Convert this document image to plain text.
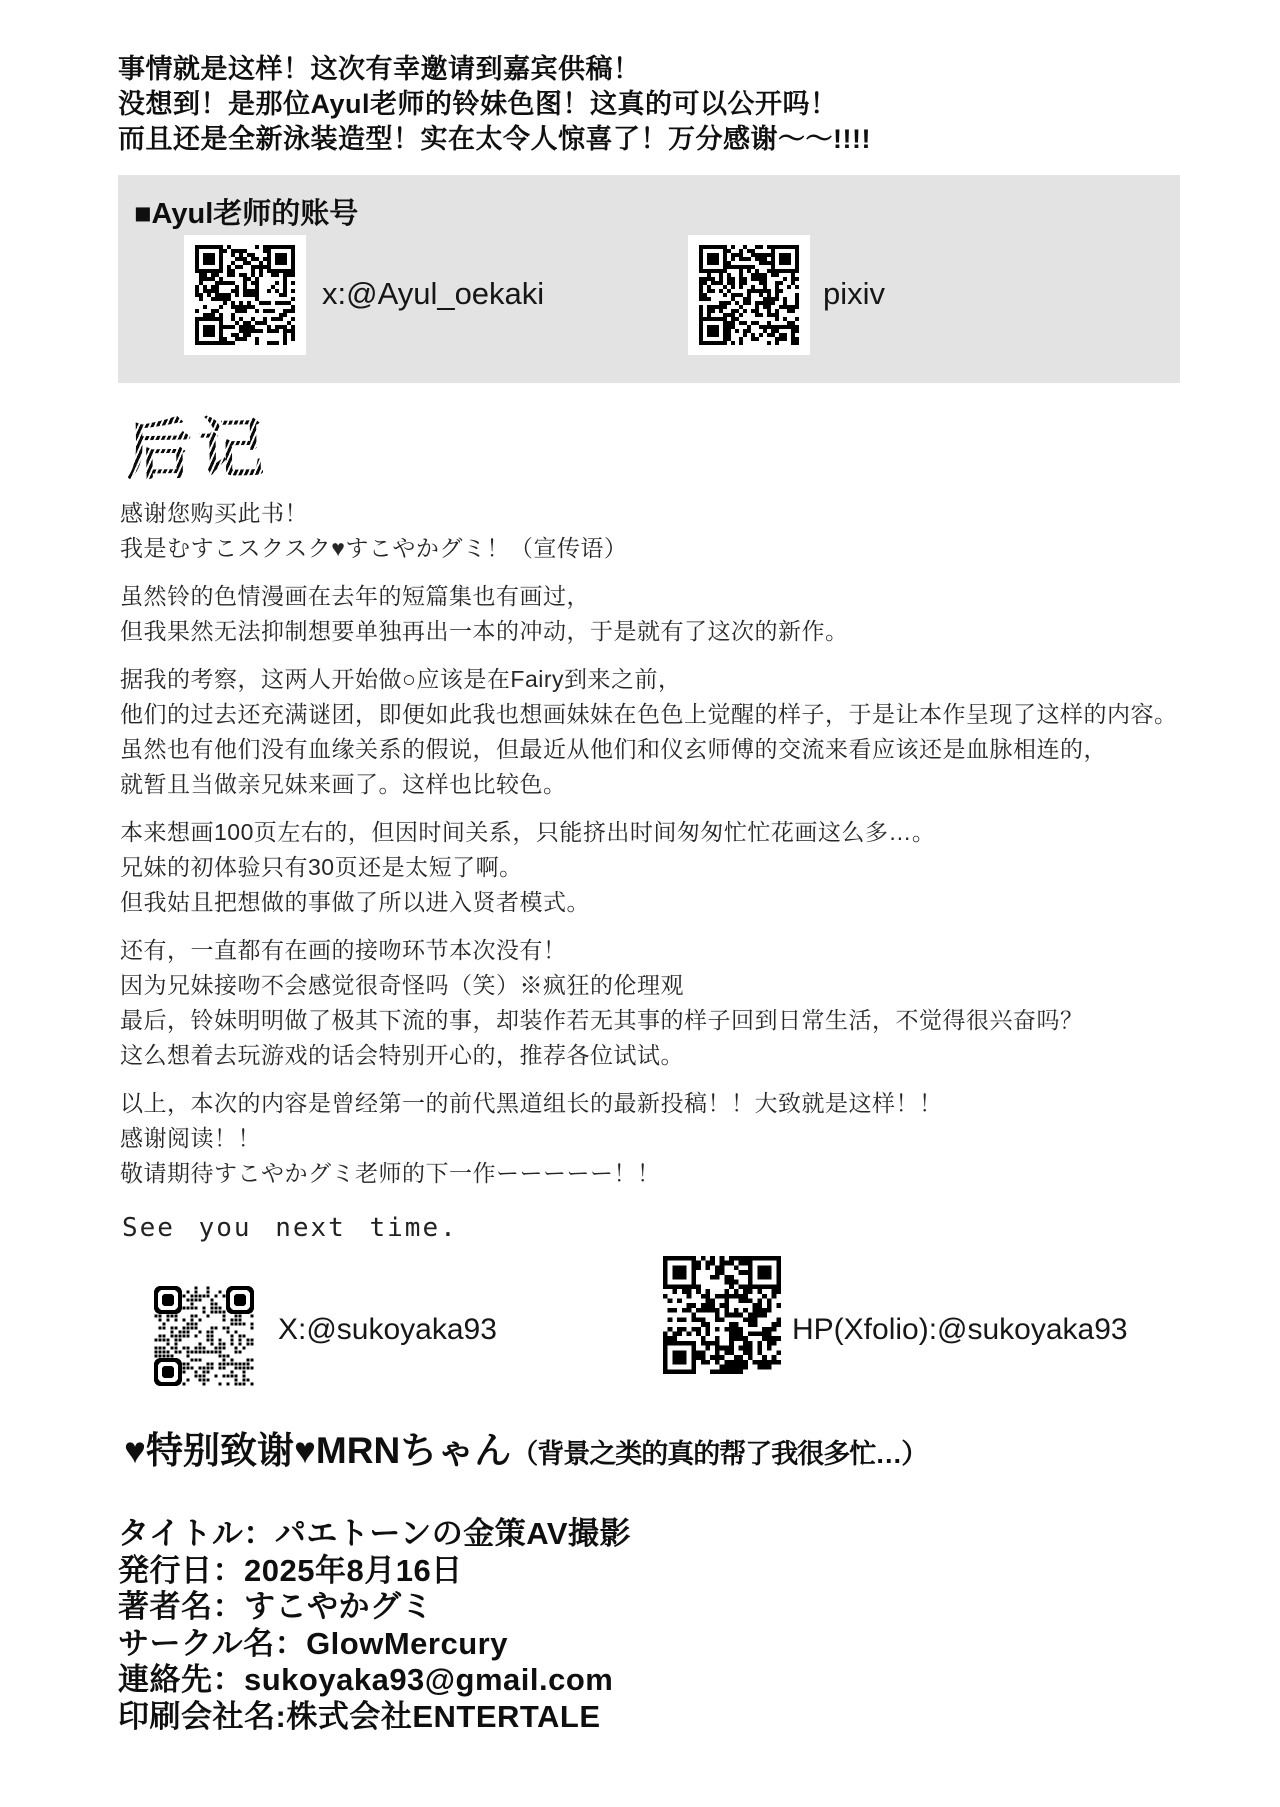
事情就是这样！这次有幸邀请到嘉宾供稿！
没想到！是那位Ayul老师的铃妹色图！这真的可以公开吗！
而且还是全新泳装造型！实在太令人惊喜了！万分感谢〜〜!!!!
■Ayul老师的账号
x:@Ayul_oekaki	pixiv
后记
感谢您购买此书！
我是むすこスクスク♥すこやかグミ！（宣传语）
虽然铃的色情漫画在去年的短篇集也有画过，
但我果然无法抑制想要单独再出一本的冲动，于是就有了这次的新作。
据我的考察，这两人开始做○应该是在Fairy到来之前，
他们的过去还充满谜团，即便如此我也想画妹妹在色色上觉醒的样子，于是让本作呈现了这样的内容。
虽然也有他们没有血缘关系的假说，但最近从他们和仪玄师傅的交流来看应该还是血脉相连的，
就暂且当做亲兄妹来画了。这样也比较色。
本来想画100页左右的，但因时间关系，只能挤出时间匆匆忙忙花画这么多…。
兄妹的初体验只有30页还是太短了啊。
但我姑且把想做的事做了所以进入贤者模式。
还有，一直都有在画的接吻环节本次没有！
因为兄妹接吻不会感觉很奇怪吗（笑）※疯狂的伦理观
最后，铃妹明明做了极其下流的事，却装作若无其事的样子回到日常生活，不觉得很兴奋吗？
这么想着去玩游戏的话会特别开心的，推荐各位试试。
以上，本次的内容是曾经第一的前代黑道组长的最新投稿！！大致就是这样！！
感谢阅读！！
敬请期待すこやかグミ老师的下一作ーーーーー！！
See you next time.
X:@sukoyaka93	HP(Xfolio):@sukoyaka93
♥特别致谢♥MRNちゃん（背景之类的真的帮了我很多忙…）
タイトル：パエトーンの金策AV撮影
発行日：2025年8月16日
著者名：すこやかグミ
サークル名：GlowMercury
連絡先：sukoyaka93@gmail.com
印刷会社名:株式会社ENTERTALE
